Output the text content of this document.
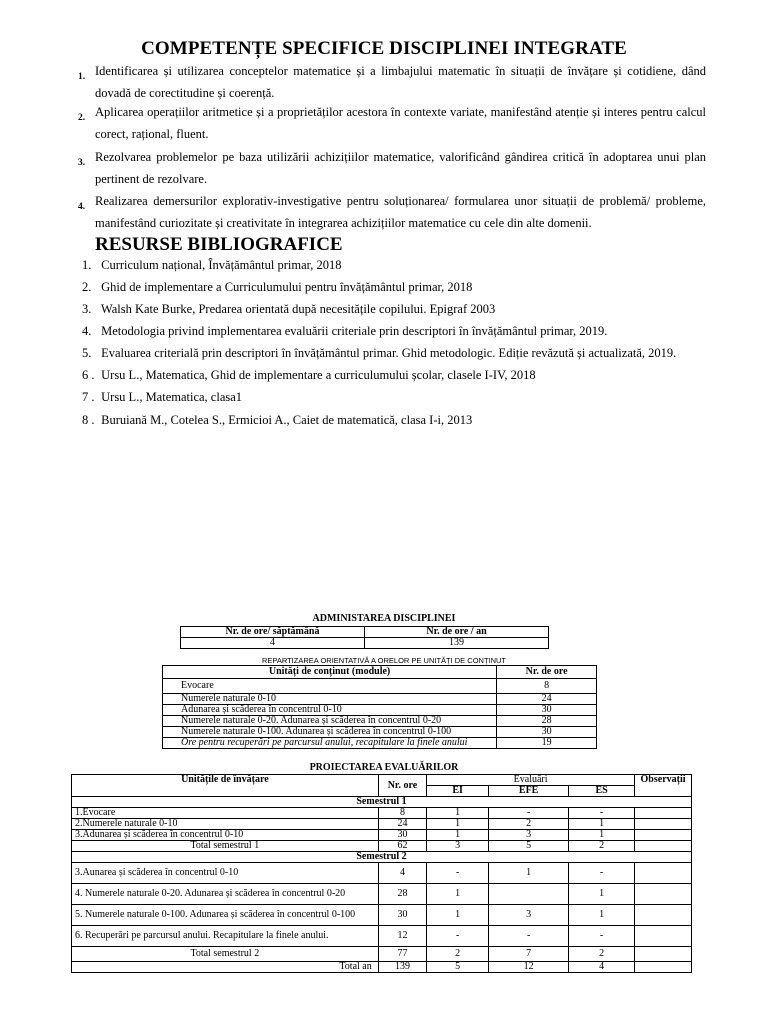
COMPETENȚE SPECIFICE DISCIPLINEI INTEGRATE
1. Identificarea și utilizarea conceptelor matematice și a limbajului matematic în situații de învățare și cotidiene, dând dovadă de corectitudine și coerență.
2. Aplicarea operațiilor aritmetice și a proprietăților acestora în contexte variate, manifestând atenție și interes pentru calcul corect, rațional, fluent.
3. Rezolvarea problemelor pe baza utilizării achizițiilor matematice, valorificând gândirea critică în adoptarea unui plan pertinent de rezolvare.
4. Realizarea demersurilor explorativ-investigative pentru soluționarea/ formularea unor situații de problemă/ probleme, manifestând curiozitate și creativitate în integrarea achizițiilor matematice cu cele din alte domenii.
RESURSE BIBLIOGRAFICE
1. Curriculum național, Învățământul primar, 2018
2. Ghid de implementare a Curriculumului pentru învățământul primar, 2018
3. Walsh Kate Burke, Predarea orientată după necesitățile copilului. Epigraf 2003
4. Metodologia privind implementarea evaluării criteriale prin descriptori în învățământul primar, 2019.
5. Evaluarea criterială prin descriptori în învățământul primar. Ghid metodologic. Ediție revăzută și actualizată, 2019.
6 . Ursu L., Matematica, Ghid de implementare a curriculumului școlar, clasele I-IV, 2018
7 . Ursu L., Matematica, clasa1
8 . Buruiană M., Cotelea S., Ermicioi A., Caiet de matematică, clasa I-i, 2013
ADMINISTAREA DISCIPLINEI
Nr. de ore/ săptămână	Nr. de ore / an
4	139
REPARTIZAREA ORIENTATIVĂ A ORELOR PE UNITĂȚI DE CONȚINUT
Unități de conținut (module)	Nr. de ore
Evocare	8
Numerele naturale 0-10	24
Adunarea și scăderea în concentrul 0-10	30
Numerele naturale 0-20. Adunarea și scăderea în concentrul 0-20	28
Numerele naturale 0-100. Adunarea și scăderea în concentrul 0-100	30
Ore pentru recuperări pe parcursul anului, recapitulare la finele anului	19
PROIECTAREA EVALUĂRILOR
Unitățile de învățare	Nr. ore	Evaluări			Observații
		EI	EFE	ES	
Semestrul 1					
1.Evocare	8	1	-	-	
2.Numerele naturale 0-10	24	1	2	1	
3.Adunarea și scăderea în concentrul 0-10	30	1	3	1	
Total semestrul 1	62	3	5	2	
Semestrul 2					
3.Aunarea și scăderea în concentrul 0-10	4	-	1	-	
4. Numerele naturale 0-20. Adunarea și scăderea în concentrul 0-20	28	1		1	
5. Numerele naturale 0-100. Adunarea și scăderea în concentrul 0-100	30	1	3	1	
6. Recuperări pe parcursul anului. Recapitulare la finele anului.	12	-	-	-	
Total semestrul 2	77	2	7	2	
Total an	139	5	12	4	
